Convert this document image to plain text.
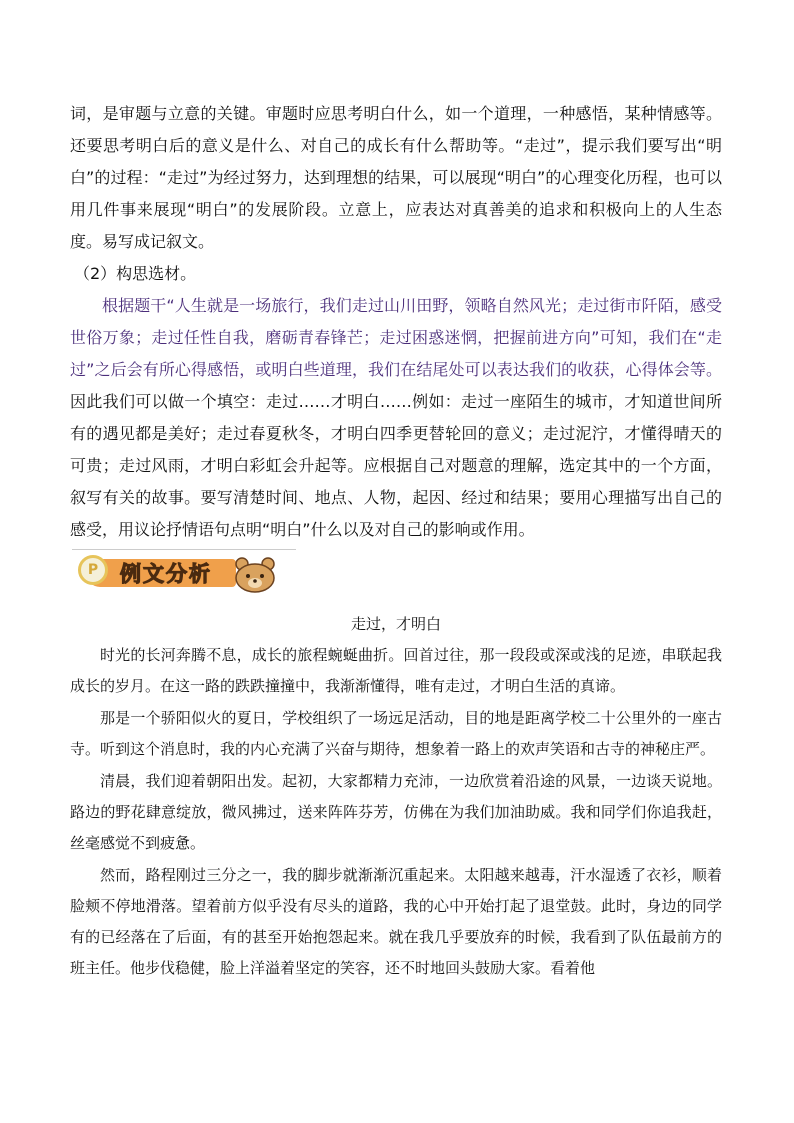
词，是审题与立意的关键。审题时应思考明白什么，如一个道理，一种感悟，某种情感等。还要思考明白后的意义是什么、对自己的成长有什么帮助等。“走过”，提示我们要写出“明白”的过程：“走过”为经过努力，达到理想的结果，可以展现“明白”的心理变化历程，也可以用几件事来展现“明白”的发展阶段。立意上，应表达对真善美的追求和积极向上的人生态度。易写成记叙文。

（2）构思选材。

根据题干“人生就是一场旅行，我们走过山川田野，领略自然风光；走过街市阡陌，感受世俗万象；走过任性自我，磨砺青春锋芒；走过困惑迷惘，把握前进方向”可知，我们在“走过”之后会有所心得感悟，或明白些道理，我们在结尾处可以表达我们的收获，心得体会等。因此我们可以做一个填空：走过……才明白……例如：走过一座陌生的城市，才知道世间所有的遇见都是美好；走过春夏秋冬，才明白四季更替轮回的意义；走过泥泞，才懂得晴天的可贵；走过风雨，才明白彩虹会升起等。应根据自己对题意的理解，选定其中的一个方面，叙写有关的故事。要写清楚时间、地点、人物，起因、经过和结果；要用心理描写出自己的感受，用议论抒情语句点明“明白”什么以及对自己的影响或作用。

P	例文分析
走过，才明白

时光的长河奔腾不息，成长的旅程蜿蜒曲折。回首过往，那一段段或深或浅的足迹，串联起我成长的岁月。在这一路的跌跌撞撞中，我渐渐懂得，唯有走过，才明白生活的真谛。

那是一个骄阳似火的夏日，学校组织了一场远足活动，目的地是距离学校二十公里外的一座古寺。听到这个消息时，我的内心充满了兴奋与期待，想象着一路上的欢声笑语和古寺的神秘庄严。

清晨，我们迎着朝阳出发。起初，大家都精力充沛，一边欣赏着沿途的风景，一边谈天说地。路边的野花肆意绽放，微风拂过，送来阵阵芬芳，仿佛在为我们加油助威。我和同学们你追我赶，丝毫感觉不到疲惫。

然而，路程刚过三分之一，我的脚步就渐渐沉重起来。太阳越来越毒，汗水湿透了衣衫，顺着脸颊不停地滑落。望着前方似乎没有尽头的道路，我的心中开始打起了退堂鼓。此时，身边的同学有的已经落在了后面，有的甚至开始抱怨起来。就在我几乎要放弃的时候，我看到了队伍最前方的班主任。他步伐稳健，脸上洋溢着坚定的笑容，还不时地回头鼓励大家。看着他
